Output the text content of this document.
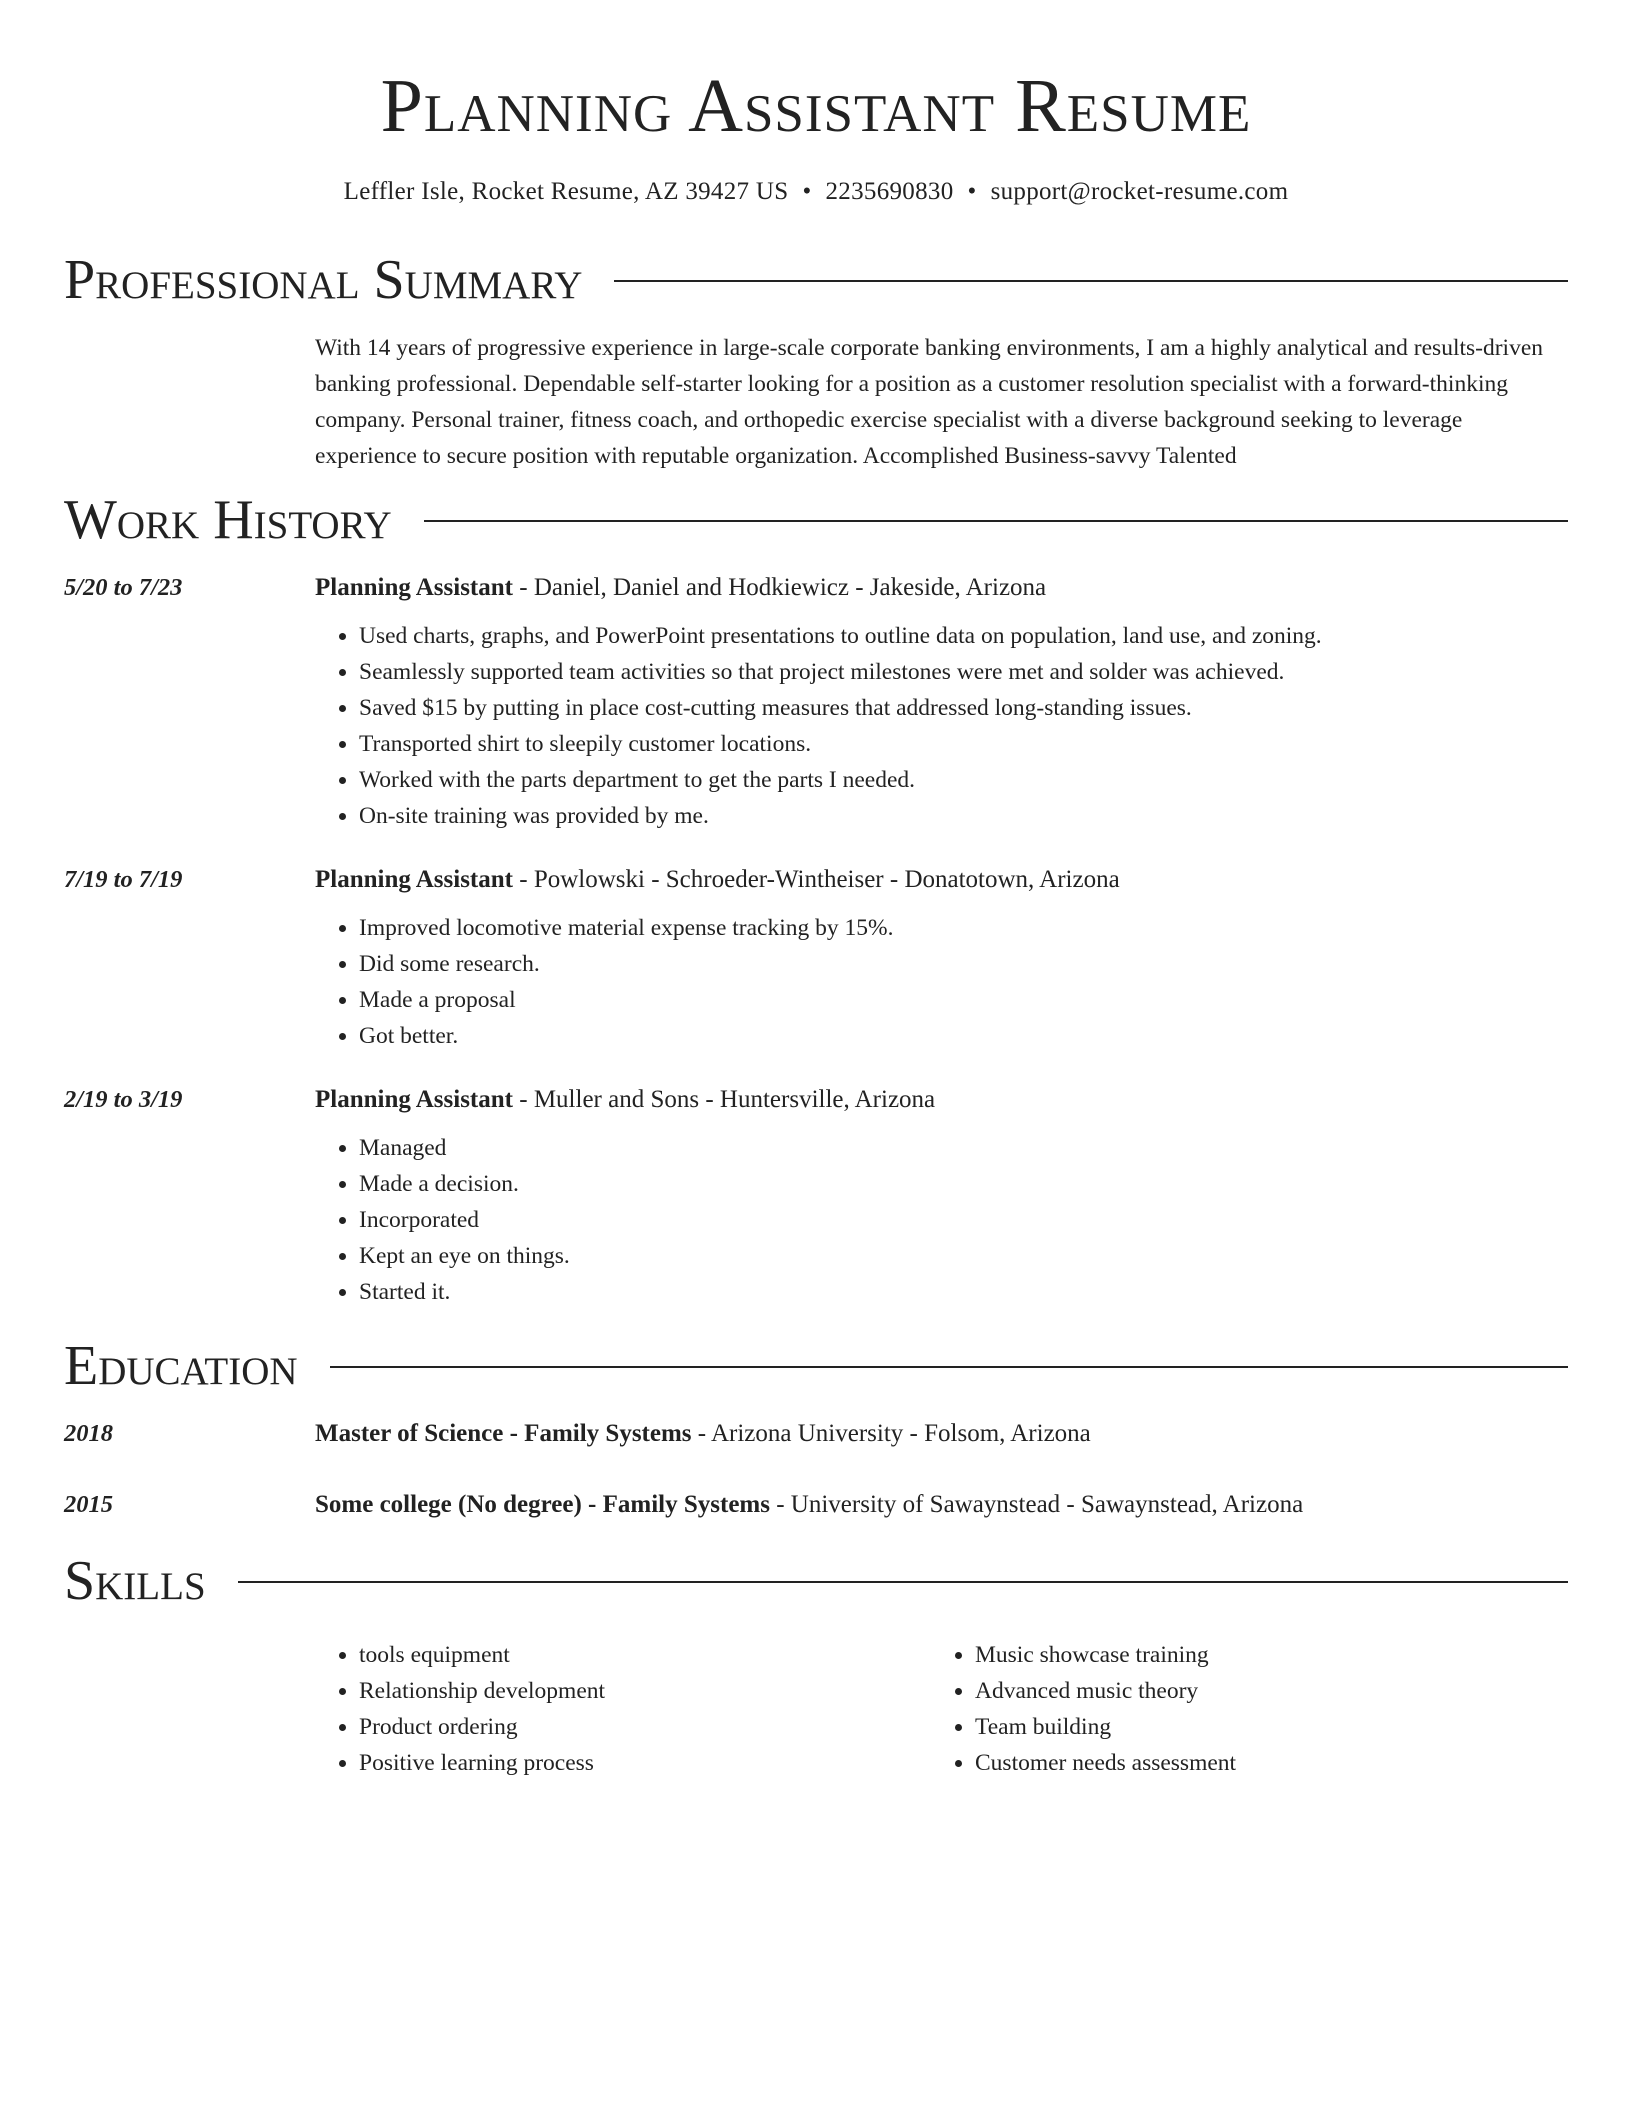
Planning Assistant Resume
Leffler Isle, Rocket Resume, AZ 39427 US • 2235690830 • support@rocket-resume.com
Professional Summary

With 14 years of progressive experience in large-scale corporate banking environments, I am a highly analytical and results-driven banking professional. Dependable self-starter looking for a position as a customer resolution specialist with a forward-thinking company. Personal trainer, fitness coach, and orthopedic exercise specialist with a diverse background seeking to leverage experience to secure position with reputable organization. Accomplished Business-savvy Talented

Work History
5/20 to 7/23	Planning Assistant - Daniel, Daniel and Hodkiewicz - Jakeside, Arizona
• Used charts, graphs, and PowerPoint presentations to outline data on population, land use, and zoning.
• Seamlessly supported team activities so that project milestones were met and solder was achieved.
• Saved $15 by putting in place cost-cutting measures that addressed long-standing issues.
• Transported shirt to sleepily customer locations.
• Worked with the parts department to get the parts I needed.
• On-site training was provided by me.
7/19 to 7/19	Planning Assistant - Powlowski - Schroeder-Wintheiser - Donatotown, Arizona
• Improved locomotive material expense tracking by 15%.
• Did some research.
• Made a proposal
• Got better.
2/19 to 3/19	Planning Assistant - Muller and Sons - Huntersville, Arizona
• Managed
• Made a decision.
• Incorporated
• Kept an eye on things.
• Started it.
Education
2018	Master of Science - Family Systems - Arizona University - Folsom, Arizona
2015	Some college (No degree) - Family Systems - University of Sawaynstead - Sawaynstead, Arizona
Skills
• tools equipment
• Relationship development
• Product ordering
• Positive learning process
• Music showcase training
• Advanced music theory
• Team building
• Customer needs assessment
